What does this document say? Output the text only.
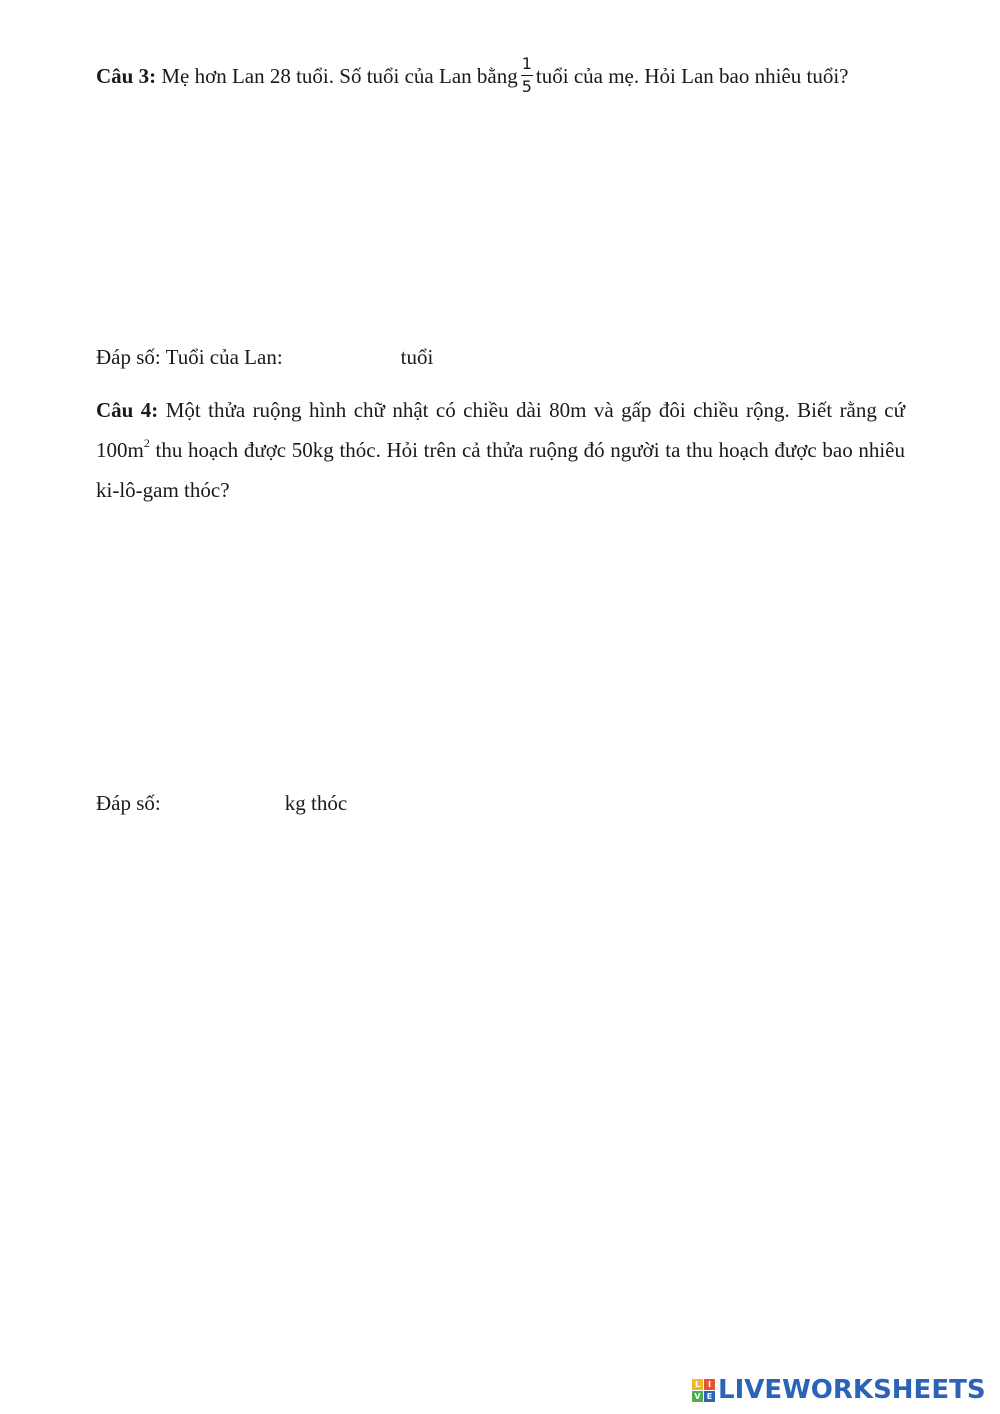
Câu 3: Mẹ hơn Lan 28 tuổi. Số tuổi của Lan bằng $\frac{1}{5}$ tuổi của mẹ. Hỏi Lan bao nhiêu tuổi?

Đáp số: Tuổi của Lan:	tuổi

Câu 4: Một thửa ruộng hình chữ nhật có chiều dài 80m và gấp đôi chiều rộng. Biết rằng cứ $100m^2$ thu hoạch được 50kg thóc. Hỏi trên cả thửa ruộng đó người ta thu hoạch được bao nhiêu ki-lô-gam thóc?

Đáp số:	kg thóc

L I
V E LIVEWORKSHEETS
